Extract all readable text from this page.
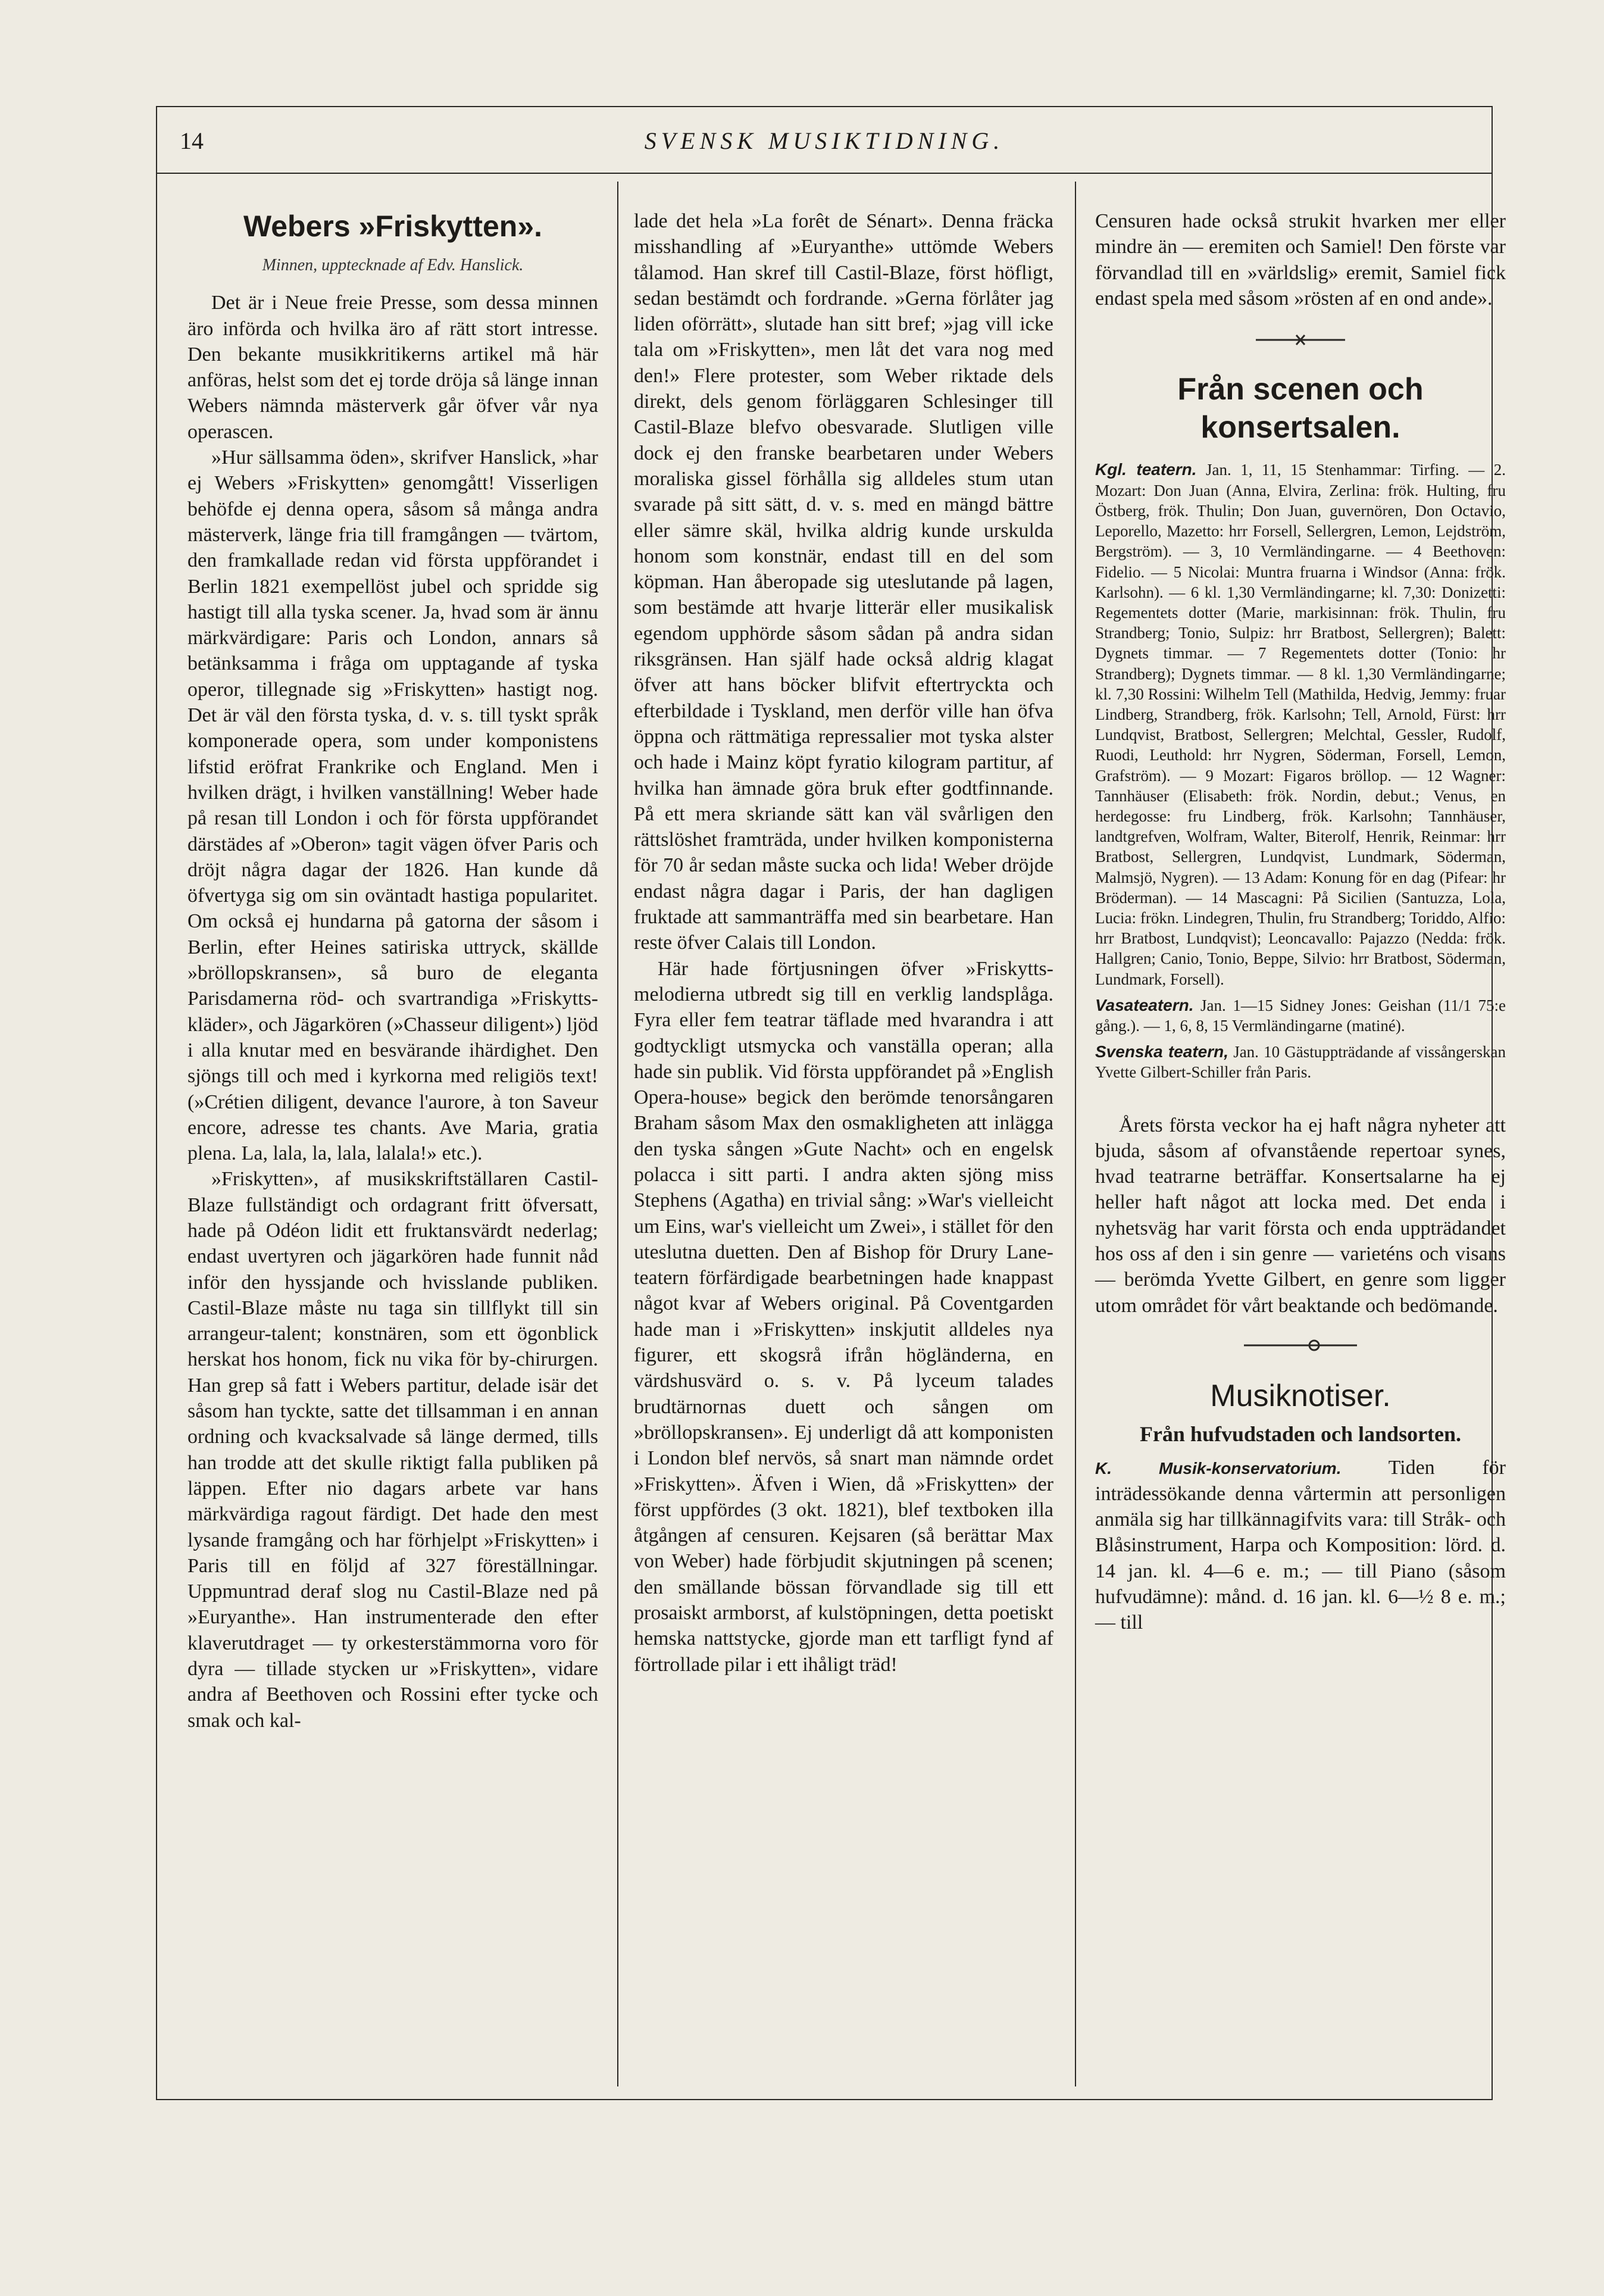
14	SVENSK MUSIKTIDNING.
Webers »Friskytten».
Minnen, upptecknade af Edv. Hanslick.

Det är i Neue freie Presse, som dessa minnen äro införda och hvilka äro af rätt stort intresse. Den bekante musikkritikerns artikel må här anföras, helst som det ej torde dröja så länge innan Webers nämnda mästerverk går öfver vår nya operascen.

»Hur sällsamma öden», skrifver Hanslick, »har ej Webers »Friskytten» genomgått! Visserligen behöfde ej denna opera, såsom så många andra mästerverk, länge fria till framgången — tvärtom, den framkallade redan vid första uppförandet i Berlin 1821 exempellöst jubel och spridde sig hastigt till alla tyska scener. Ja, hvad som är ännu märkvärdigare: Paris och London, annars så betänksamma i fråga om upptagande af tyska operor, tillegnade sig »Friskytten» hastigt nog. Det är väl den första tyska, d. v. s. till tyskt språk komponerade opera, som under komponistens lifstid eröfrat Frankrike och England. Men i hvilken drägt, i hvilken vanställning! Weber hade på resan till London i och för första uppförandet därstädes af »Oberon» tagit vägen öfver Paris och dröjt några dagar der 1826. Han kunde då öfvertyga sig om sin oväntadt hastiga popularitet. Om också ej hundarna på gatorna der såsom i Berlin, efter Heines satiriska uttryck, skällde »bröllopskransen», så buro de eleganta Parisdamerna röd- och svartrandiga »Friskytts-kläder», och Jägarkören (»Chasseur diligent») ljöd i alla knutar med en besvärande ihärdighet. Den sjöngs till och med i kyrkorna med religiös text! (»Crétien diligent, devance l'aurore, à ton Saveur encore, adresse tes chants. Ave Maria, gratia plena. La, lala, la, lala, lalala!» etc.).

»Friskytten», af musikskriftställaren Castil-Blaze fullständigt och ordagrant fritt öfversatt, hade på Odéon lidit ett fruktansvärdt nederlag; endast uvertyren och jägarkören hade funnit nåd inför den hyssjande och hvisslande publiken. Castil-Blaze måste nu taga sin tillflykt till sin arrangeur-talent; konstnären, som ett ögonblick herskat hos honom, fick nu vika för by-chirurgen. Han grep så fatt i Webers partitur, delade isär det såsom han tyckte, satte det tillsamman i en annan ordning och kvacksalvade så länge dermed, tills han trodde att det skulle riktigt falla publiken på läppen. Efter nio dagars arbete var hans märkvärdiga ragout färdigt. Det hade den mest lysande framgång och har förhjelpt »Friskytten» i Paris till en följd af 327 föreställningar. Uppmuntrad deraf slog nu Castil-Blaze ned på »Euryanthe». Han instrumenterade den efter klaverutdraget — ty orkesterstämmorna voro för dyra — tillade stycken ur »Friskytten», vidare andra af Beethoven och Rossini efter tycke och smak och kal-

lade det hela »La forêt de Sénart». Denna fräcka misshandling af »Euryanthe» uttömde Webers tålamod. Han skref till Castil-Blaze, först höfligt, sedan bestämdt och fordrande. »Gerna förlåter jag liden oförrätt», slutade han sitt bref; »jag vill icke tala om »Friskytten», men låt det vara nog med den!» Flere protester, som Weber riktade dels direkt, dels genom förläggaren Schlesinger till Castil-Blaze blefvo obesvarade. Slutligen ville dock ej den franske bearbetaren under Webers moraliska gissel förhålla sig alldeles stum utan svarade på sitt sätt, d. v. s. med en mängd bättre eller sämre skäl, hvilka aldrig kunde urskulda honom som konstnär, endast till en del som köpman. Han åberopade sig uteslutande på lagen, som bestämde att hvarje litterär eller musikalisk egendom upphörde såsom sådan på andra sidan riksgränsen. Han själf hade också aldrig klagat öfver att hans böcker blifvit eftertryckta och efterbildade i Tyskland, men derför ville han öfva öppna och rättmätiga repressalier mot tyska alster och hade i Mainz köpt fyratio kilogram partitur, af hvilka han ämnade göra bruk efter godtfinnande. På ett mera skriande sätt kan väl svårligen den rättslöshet framträda, under hvilken komponisterna för 70 år sedan måste sucka och lida! Weber dröjde endast några dagar i Paris, der han dagligen fruktade att sammanträffa med sin bearbetare. Han reste öfver Calais till London.

Här hade förtjusningen öfver »Friskytts-melodierna utbredt sig till en verklig landsplåga. Fyra eller fem teatrar täflade med hvarandra i att godtyckligt utsmycka och vanställa operan; alla hade sin publik. Vid första uppförandet på »English Opera-house» begick den berömde tenorsångaren Braham såsom Max den osmakligheten att inlägga den tyska sången »Gute Nacht» och en engelsk polacca i sitt parti. I andra akten sjöng miss Stephens (Agatha) en trivial sång: »War's vielleicht um Eins, war's vielleicht um Zwei», i stället för den uteslutna duetten. Den af Bishop för Drury Lane-teatern förfärdigade bearbetningen hade knappast något kvar af Webers original. På Coventgarden hade man i »Friskytten» inskjutit alldeles nya figurer, ett skogsrå ifrån högländerna, en värdshusvärd o. s. v. På lyceum talades brudtärnornas duett och sången om »bröllopskransen». Ej underligt då att komponisten i London blef nervös, så snart man nämnde ordet »Friskytten». Äfven i Wien, då »Friskytten» der först uppfördes (3 okt. 1821), blef textboken illa åtgången af censuren. Kejsaren (så berättar Max von Weber) hade förbjudit skjutningen på scenen; den smällande bössan förvandlade sig till ett prosaiskt armborst, af kulstöpningen, detta poetiskt hemska nattstycke, gjorde man ett tarfligt fynd af förtrollade pilar i ett ihåligt träd!

Censuren hade också strukit hvarken mer eller mindre än — eremiten och Samiel! Den förste var förvandlad till en »världslig» eremit, Samiel fick endast spela med såsom »rösten af en ond ande».

Från scenen och konsertsalen.

Kgl. teatern. Jan. 1, 11, 15 Stenhammar: Tirfing. — 2. Mozart: Don Juan (Anna, Elvira, Zerlina: frök. Hulting, fru Östberg, frök. Thulin; Don Juan, guvernören, Don Octavio, Leporello, Mazetto: hrr Forsell, Sellergren, Lemon, Lejdström, Bergström). — 3, 10 Vermländingarne. — 4 Beethoven: Fidelio. — 5 Nicolai: Muntra fruarna i Windsor (Anna: frök. Karlsohn). — 6 kl. 1,30 Vermländingarne; kl. 7,30: Donizetti: Regementets dotter (Marie, markisinnan: frök. Thulin, fru Strandberg; Tonio, Sulpiz: hrr Bratbost, Sellergren); Balett: Dygnets timmar. — 7 Regementets dotter (Tonio: hr Strandberg); Dygnets timmar. — 8 kl. 1,30 Vermländingarne; kl. 7,30 Rossini: Wilhelm Tell (Mathilda, Hedvig, Jemmy: fruar Lindberg, Strandberg, frök. Karlsohn; Tell, Arnold, Fürst: hrr Lundqvist, Bratbost, Sellergren; Melchtal, Gessler, Rudolf, Ruodi, Leuthold: hrr Nygren, Söderman, Forsell, Lemon, Grafström). — 9 Mozart: Figaros bröllop. — 12 Wagner: Tannhäuser (Elisabeth: frök. Nordin, debut.; Venus, en herdegosse: fru Lindberg, frök. Karlsohn; Tannhäuser, landtgrefven, Wolfram, Walter, Biterolf, Henrik, Reinmar: hrr Bratbost, Sellergren, Lundqvist, Lundmark, Söderman, Malmsjö, Nygren). — 13 Adam: Konung för en dag (Pifear: hr Bröderman). — 14 Mascagni: På Sicilien (Santuzza, Lola, Lucia: frökn. Lindegren, Thulin, fru Strandberg; Toriddo, Alfio: hrr Bratbost, Lundqvist); Leoncavallo: Pajazzo (Nedda: frök. Hallgren; Canio, Tonio, Beppe, Silvio: hrr Bratbost, Söderman, Lundmark, Forsell).

Vasateatern. Jan. 1—15 Sidney Jones: Geishan (11/1 75:e gång.). — 1, 6, 8, 15 Vermländingarne (matiné).

Svenska teatern, Jan. 10 Gästuppträdande af vissångerskan Yvette Gilbert-Schiller från Paris.

Årets första veckor ha ej haft några nyheter att bjuda, såsom af ofvanstående repertoar synes, hvad teatrarne beträffar. Konsertsalarne ha ej heller haft något att locka med. Det enda i nyhetsväg har varit första och enda uppträdandet hos oss af den i sin genre — varieténs och visans — berömda Yvette Gilbert, en genre som ligger utom området för vårt beaktande och bedömande.

Musiknotiser.
Från hufvudstaden och landsorten.

K. Musik-konservatorium. Tiden för inträdessökande denna vårtermin att personligen anmäla sig har tillkännagifvits vara: till Stråk- och Blåsinstrument, Harpa och Komposition: lörd. d. 14 jan. kl. 4—6 e. m.; — till Piano (såsom hufvudämne): månd. d. 16 jan. kl. 6—½ 8 e. m.; — till
